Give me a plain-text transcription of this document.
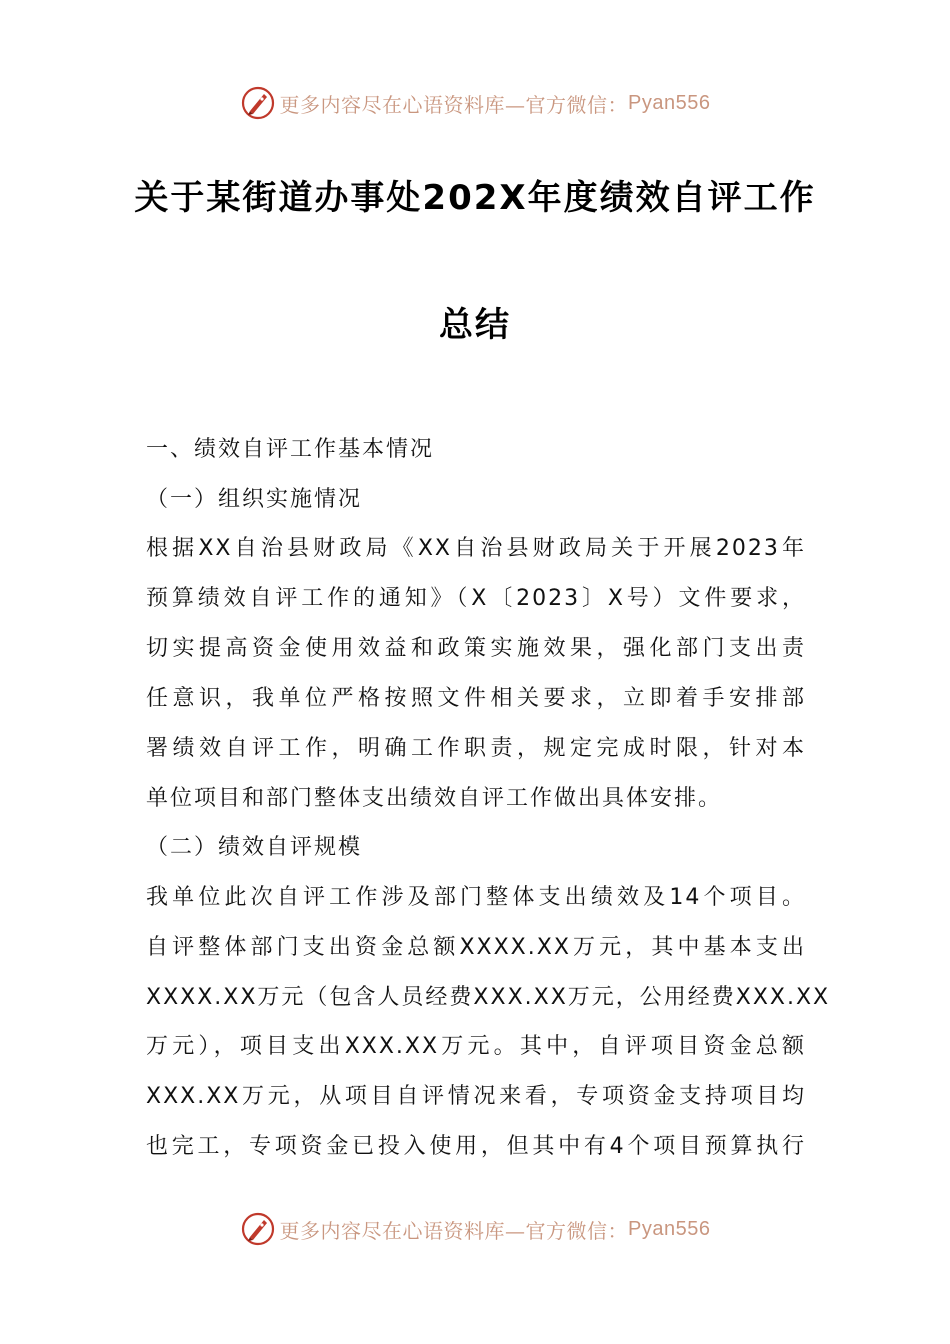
更多内容尽在心语资料库—官方微信： Pyan556
关于某街道办事处202X年度绩效自评工作
总结
一、绩效自评工作基本情况
（一）组织实施情况
根据XX自治县财政局《XX自治县财政局关于开展2023年
预算绩效自评工作的通知》（X〔2023〕X号）文件要求，
切实提高资金使用效益和政策实施效果，强化部门支出责
任意识，我单位严格按照文件相关要求，立即着手安排部
署绩效自评工作，明确工作职责，规定完成时限，针对本
单位项目和部门整体支出绩效自评工作做出具体安排。
（二）绩效自评规模
我单位此次自评工作涉及部门整体支出绩效及14个项目。
自评整体部门支出资金总额XXXX.XX万元，其中基本支出
XXXX.XX万元（包含人员经费XXX.XX万元，公用经费XXX.XX
万元），项目支出XXX.XX万元。其中，自评项目资金总额
XXX.XX万元，从项目自评情况来看，专项资金支持项目均
也完工，专项资金已投入使用，但其中有4个项目预算执行
更多内容尽在心语资料库—官方微信： Pyan556
